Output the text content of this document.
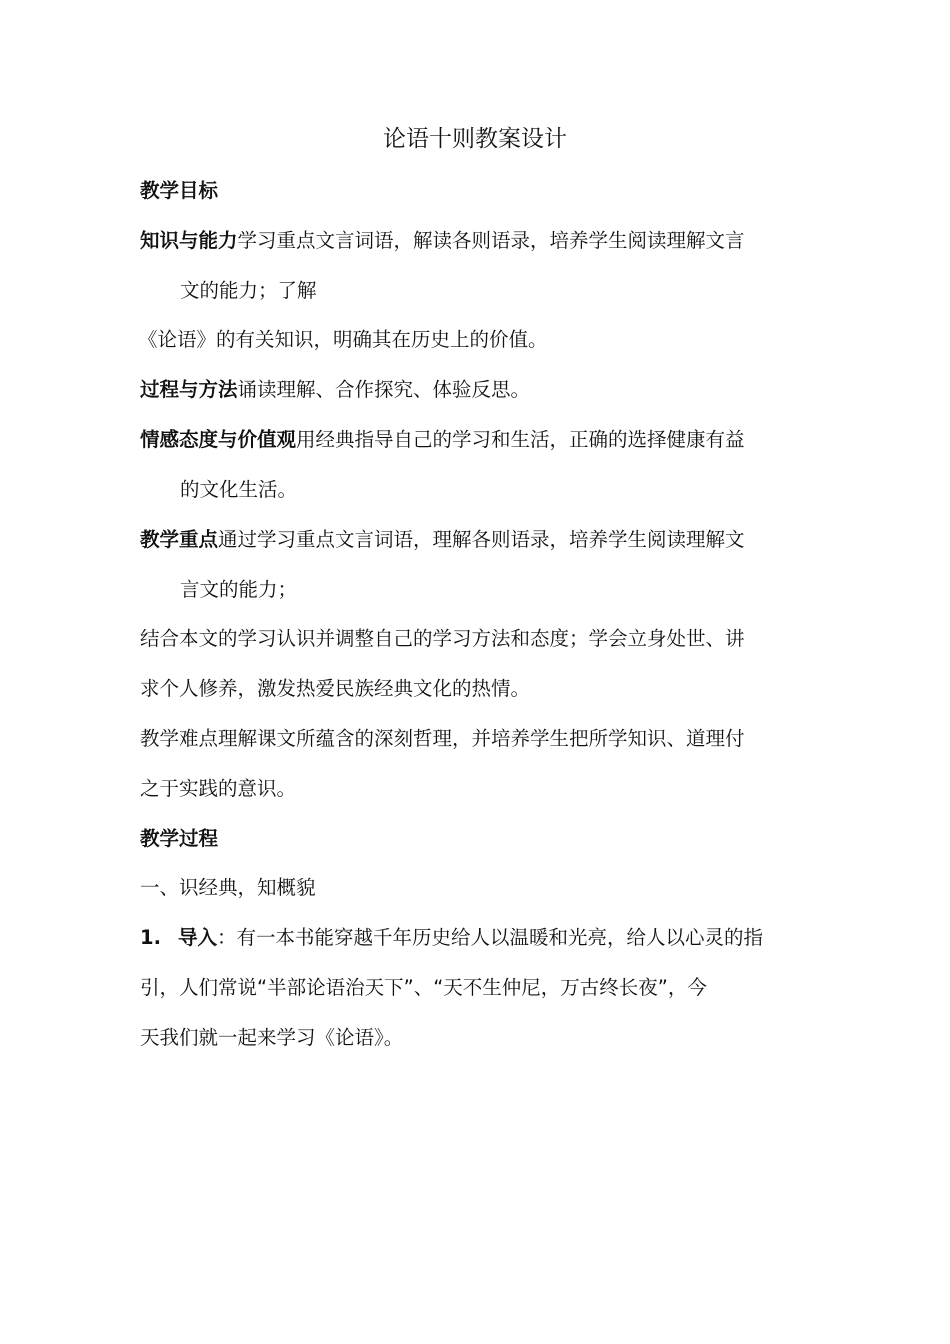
论语十则教案设计
教学目标
知识与能力学习重点文言词语，解读各则语录，培养学生阅读理解文言
文的能力；了解
《论语》的有关知识，明确其在历史上的价值。
过程与方法诵读理解、合作探究、体验反思。
情感态度与价值观用经典指导自己的学习和生活，正确的选择健康有益
的文化生活。
教学重点通过学习重点文言词语，理解各则语录，培养学生阅读理解文
言文的能力；
结合本文的学习认识并调整自己的学习方法和态度；学会立身处世、讲
求个人修养，激发热爱民族经典文化的热情。
教学难点理解课文所蕴含的深刻哲理，并培养学生把所学知识、道理付
之于实践的意识。
教学过程
一、识经典，知概貌
1. 导入：有一本书能穿越千年历史给人以温暖和光亮，给人以心灵的指
引，人们常说“半部论语治天下”、“天不生仲尼，万古终长夜”，今
天我们就一起来学习《论语》。
